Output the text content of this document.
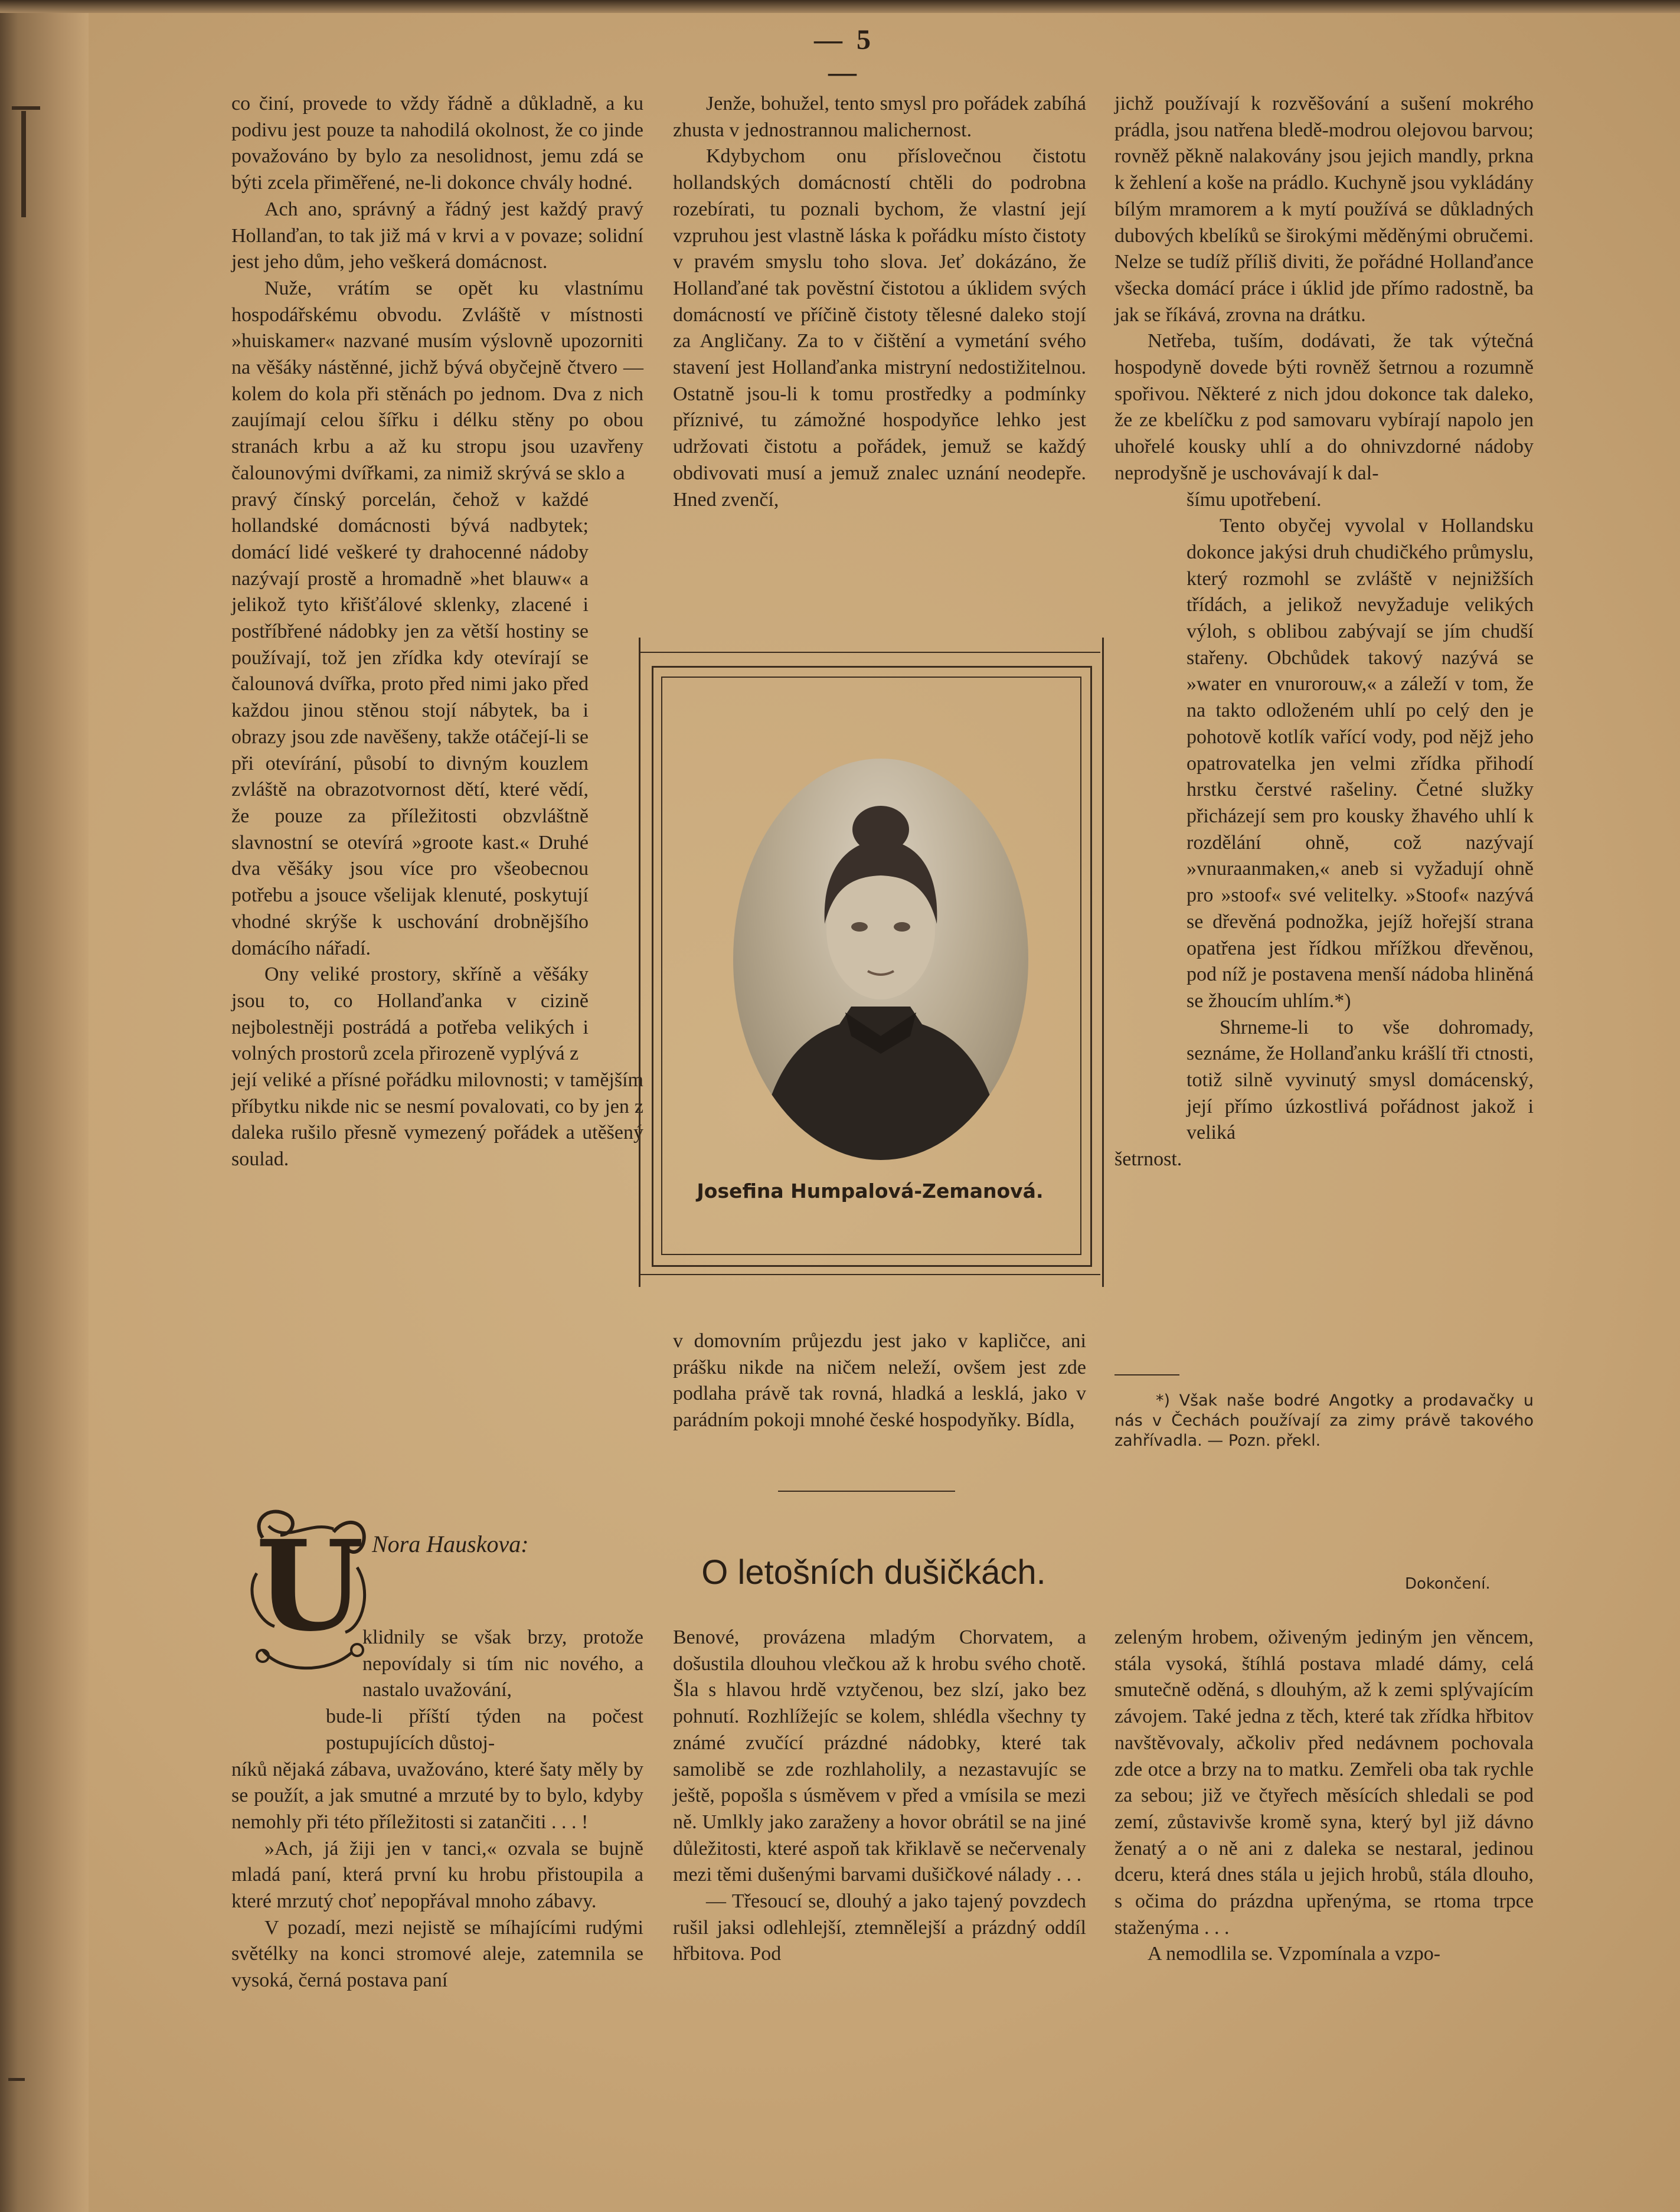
— 5 —

co činí, provede to vždy řádně a důkladně, a ku podivu jest pouze ta nahodilá okolnost, že co jinde považováno by bylo za nesolidnost, jemu zdá se býti zcela přiměřené, ne-li dokonce chvály hodné.

Ach ano, správný a řádný jest každý pravý Hollanďan, to tak již má v krvi a v povaze; solidní jest jeho dům, jeho veškerá domácnost.

Nuže, vrátím se opět ku vlastnímu hospodářskému obvodu. Zvláště v místnosti »huiskamer« nazvané musím výslovně upozorniti na věšáky nástěnné, jichž bývá obyčejně čtvero — kolem do kola při stěnách po jednom. Dva z nich zaujímají celou šířku i délku stěny po obou stranách krbu a až ku stropu jsou uzavřeny čalounovými dvířkami, za nimiž skrývá se sklo a

pravý čínský porcelán, čehož v každé hollandské domácnosti bývá nadbytek; domácí lidé veškeré ty drahocenné nádoby nazývají prostě a hromadně »het blauw« a jelikož tyto křišťálové sklenky, zlacené i postříbřené nádobky jen za větší hostiny se používají, tož jen zřídka kdy otevírají se čalounová dvířka, proto před nimi jako před každou jinou stěnou stojí nábytek, ba i obrazy jsou zde navěšeny, takže otáčejí-li se při otevírání, působí to divným kouzlem zvláště na obrazotvornost dětí, které vědí, že pouze za příležitosti obzvláštně slavnostní se otevírá »groote kast.« Druhé dva věšáky jsou více pro všeobecnou potřebu a jsouce všelijak klenuté, poskytují vhodné skrýše k uschování drobnějšího domácího nářadí.

Ony veliké prostory, skříně a věšáky jsou to, co Hollanďanka v cizině nejbolestněji postrádá a potřeba velikých i volných prostorů zcela přirozeně vyplývá z

její veliké a přísné pořádku milovnosti; v tamějším příbytku nikde nic se nesmí povalovati, co by jen z daleka rušilo přesně vymezený pořádek a utěšený soulad.

Jenže, bohužel, tento smysl pro pořádek zabíhá zhusta v jednostrannou malichernost.

Kdybychom onu příslovečnou čistotu hollandských domácností chtěli do podrobna rozebírati, tu poznali bychom, že vlastní její vzpruhou jest vlastně láska k pořádku místo čistoty v pravém smyslu toho slova. Jeť dokázáno, že Hollanďané tak pověstní čistotou a úklidem svých domácností ve příčině čistoty tělesné daleko stojí za Angličany. Za to v čištění a vymetání svého stavení jest Hollanďanka mistryní nedostižitelnou. Ostatně jsou-li k tomu prostředky a podmínky příznivé, tu zámožné hospodyňce lehko jest udržovati čistotu a pořádek, jemuž se každý obdivovati musí a jemuž znalec uznání neodepře. Hned zvenčí,

v domovním průjezdu jest jako v kapličce, ani prášku nikde na ničem neleží, ovšem jest zde podlaha právě tak rovná, hladká a lesklá, jako v parádním pokoji mnohé české hospodyňky. Bídla,

jichž používají k rozvěšování a sušení mokrého prádla, jsou natřena bledě-modrou olejovou barvou; rovněž pěkně nalakovány jsou jejich mandly, prkna k žehlení a koše na prádlo. Kuchyně jsou vykládány bílým mramorem a k mytí používá se důkladných dubových kbelíků se širokými měděnými obručemi. Nelze se tudíž příliš diviti, že pořádné Hollanďance všecka domácí práce i úklid jde přímo radostně, ba jak se říkává, zrovna na drátku.

Netřeba, tuším, dodávati, že tak výtečná hospodyně dovede býti rovněž šetrnou a rozumně spořivou. Některé z nich jdou dokonce tak daleko, že ze kbelíčku z pod samovaru vybírají napolo jen uhořelé kousky uhlí a do ohnivzdorné nádoby neprodyšně je uschovávají k dal-

šímu upotřebení.

Tento obyčej vyvolal v Hollandsku dokonce jakýsi druh chudičkého průmyslu, který rozmohl se zvláště v nejnižších třídách, a jelikož nevyžaduje velikých výloh, s oblibou zabývají se jím chudší stařeny. Obchůdek takový nazývá se »water en vnurorouw,« a záleží v tom, že na takto odloženém uhlí po celý den je pohotově kotlík vařící vody, pod nějž jeho opatrovatelka jen velmi zřídka přihodí hrstku čerstvé rašeliny. Četné služky přicházejí sem pro kousky žhavého uhlí k rozdělání ohně, což nazývají »vnuraanmaken,« aneb si vyžadují ohně pro »stoof« své velitelky. »Stoof« nazývá se dřevěná podnožka, jejíž hořejší strana opatřena jest řídkou mřížkou dřevěnou, pod níž je postavena menší nádoba hliněná se žhoucím uhlím.*)

Shrneme-li to vše dohromady, seznáme, že Hollanďanku krášlí tři ctnosti, totiž silně vyvinutý smysl domácenský, její přímo úzkostlivá pořádnost jakož i veliká

šetrnost.

Josefina Humpalová-Zemanová.

*) Však naše bodré Angotky a prodavačky u nás v Čechách používají za zimy právě takového zahřívadla. — Pozn. překl.

U Nora Hauskova:
O letošních dušičkách.	Dokončení.

klidnily se však brzy, protože nepovídaly si tím nic nového, a nastalo uvažování,

bude-li příští týden na počest postupujících důstoj-

níků nějaká zábava, uvažováno, které šaty měly by se použít, a jak smutné a mrzuté by to bylo, kdyby nemohly při této příležitosti si zatančiti . . . !

»Ach, já žiji jen v tanci,« ozvala se bujně mladá paní, která první ku hrobu přistoupila a které mrzutý choť nepopřával mnoho zábavy.

V pozadí, mezi nejistě se míhajícími rudými světélky na konci stromové aleje, zatemnila se vysoká, černá postava paní

Benové, provázena mladým Chorvatem, a došustila dlouhou vlečkou až k hrobu svého chotě. Šla s hlavou hrdě vztyčenou, bez slzí, jako bez pohnutí. Rozhlížejíc se kolem, shlédla všechny ty známé zvučící prázdné nádobky, které tak samolibě se zde rozhlaholily, a nezastavujíc se ještě, popošla s úsměvem v před a vmísila se mezi ně. Umlkly jako zaraženy a hovor obrátil se na jiné důležitosti, které aspoň tak křiklavě se nečervenaly mezi těmi dušenými barvami dušičkové nálady . . .

— Třesoucí se, dlouhý a jako tajený povzdech rušil jaksi odlehlejší, ztemnělejší a prázdný oddíl hřbitova. Pod

zeleným hrobem, oživeným jediným jen věncem, stála vysoká, štíhlá postava mladé dámy, celá smutečně oděná, s dlouhým, až k zemi splývajícím závojem. Také jedna z těch, které tak zřídka hřbitov navštěvovaly, ačkoliv před nedávnem pochovala zde otce a brzy na to matku. Zemřeli oba tak rychle za sebou; již ve čtyřech měsících shledali se pod zemí, zůstavivše kromě syna, který byl již dávno ženatý a o ně ani z daleka se nestaral, jedinou dceru, která dnes stála u jejich hrobů, stála dlouho, s očima do prázdna upřenýma, se rtoma trpce staženýma . . .

A nemodlila se. Vzpomínala a vzpo-
